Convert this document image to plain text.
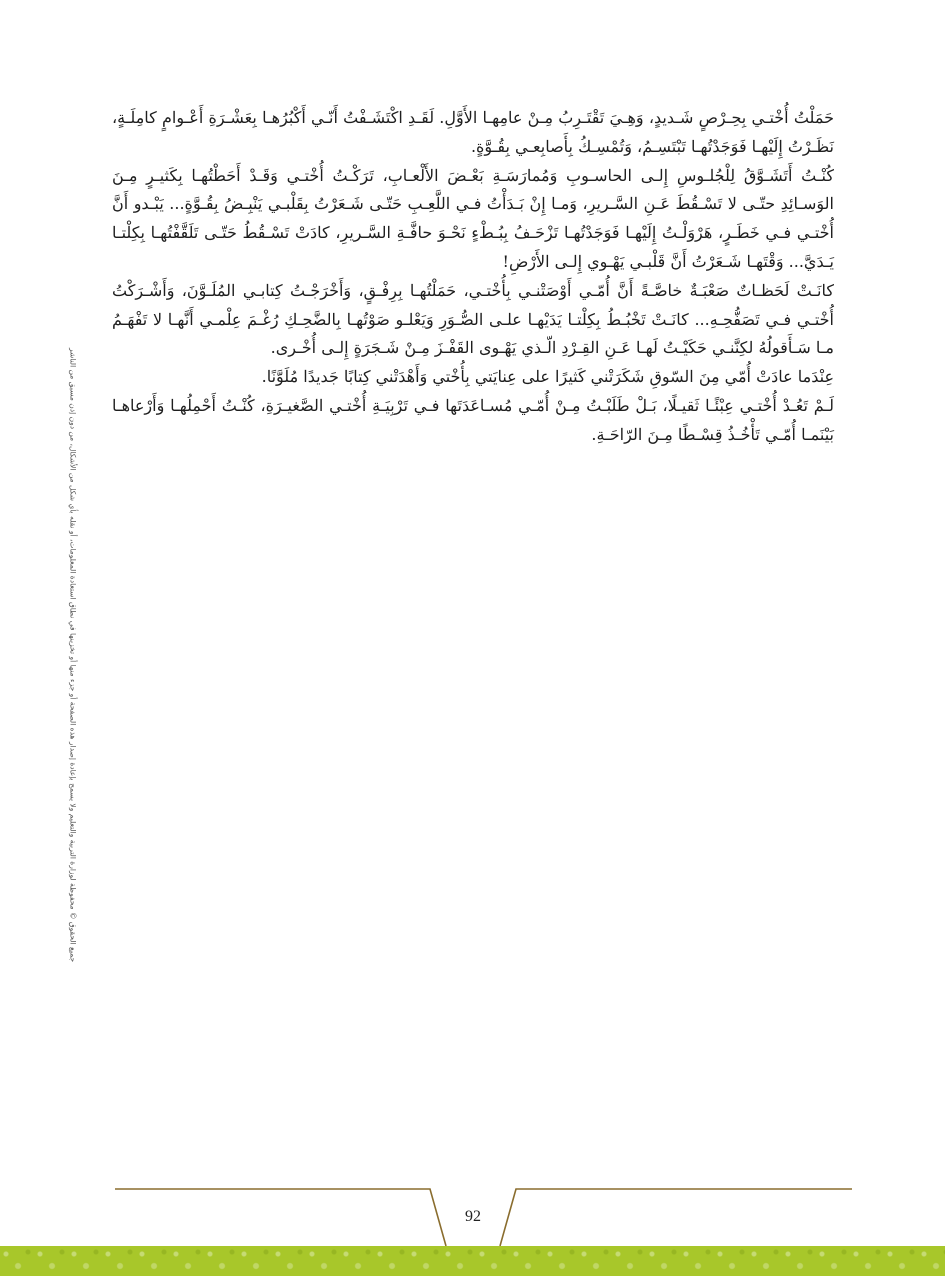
جميع الحقوق © محفوظة لوزارة التربية والتعليم ولا يسمح بإعادة إصدار هذه الصفحة أو جزء منها أو تخزينها في نطاق استعادة المعلومات، أو نقله بأي شكل من الأشكال، من دون إذن مسبق من الناشر

حَمَلْتُ أُخْتـي بِحِـرْصٍ شَـديدٍ، وَهِـيَ تَقْتَـرِبُ مِـنْ عامِهـا الأَوَّلِ. لَقَـدِ اكْتَشَـفْتُ أَنّـي أَكْبُرُهـا بِعَشْـرَةِ أَعْـوامٍ كامِلَـةٍ، نَظَـرْتُ إِلَيْهـا فَوَجَدْتُهـا تَبْتَسِـمُ، وَتُمْسِـكُ بِأَصابِعـي بِقُـوَّةٍ.

كُنْـتُ أَتَشَـوَّقُ لِلْجُلـوسِ إِلـى الحاسـوبِ وَمُمارَسَـةِ بَعْـضَ الأَلْعـابِ، تَرَكْـتُ أُخْتـي وَقَـدْ أَحَطْتُهـا بِكَثيـرٍ مِـنَ الوَسـائِدِ حتّـى لا تَسْـقُطَ عَـنِ السَّـريرِ، وَمـا إِنْ بَـدَأْتُ فـي اللَّعِـبِ حَتّـى شَـعَرْتُ بِقَلْبـي يَنْبِـضُ بِقُـوَّةٍ... يَبْـدو أَنَّ أُخْتـي فـي خَطَـرٍ، هَرْوَلْـتُ إِلَيْهـا فَوَجَدْتُهـا تَزْحَـفُ بِبُـطْءٍ نَحْـوَ حافَّـةِ السَّـريرِ، كادَتْ تَسْـقُطُ حَتّـى تَلَقَّفْتُهـا بِكِلْتـا يَـدَيَّ... وَقْتَهـا شَـعَرْتُ أَنَّ قَلْبـي يَهْـوي إِلـى الأَرْضِ!

كانَـتْ لَحَظـاتٌ صَعْبَـةٌ خاصَّـةً أَنَّ أُمّـي أَوْصَتْنـي بِأُخْتـي، حَمَلْتُهـا بِرِفْـقٍ، وَأَخْرَجْـتُ كِتابـي المُلَـوَّنَ، وَأَشْـرَكْتُ أُخْتـي فـي تَصَفُّحِـهِ... كانَـتْ تَخْبُـطُ بِكِلْتـا يَدَيْهـا علـى الصُّـوَرِ وَيَعْلـو صَوْتُهـا بِالضَّحِـكِ رُغْـمَ عِلْمـي أَنَّهـا لا تَفْهَـمُ مـا سَـأَقولُهُ لكِنَّنـي حَكَيْـتُ لَهـا عَـنِ القِـرْدِ الّـذي يَهْـوى القَفْـزَ مِـنْ شَـجَرَةٍ إِلـى أُخْـرى.

عِنْدَما عادَتْ أُمّي مِنَ السّوقِ شَكَرَتْني كَثيرًا على عِنايَتي بِأُخْتي وَأَهْدَتْني كِتابًا جَديدًا مُلَوَّنًا.

لَـمْ تَعُـدْ أُخْتـي عِبْئًـا ثَقيـلًا، بَـلْ طَلَبْـتُ مِـنْ أُمّـي مُسـاعَدَتَها فـي تَرْبِيَـةِ أُخْتـي الصَّغيـرَةِ، كُنْـتُ أَحْمِلُهـا وَأَرْعاهـا بَيْنَمـا أُمّـي تَأْخُـذُ قِسْـطًا مِـنَ الرّاحَـةِ.

92
